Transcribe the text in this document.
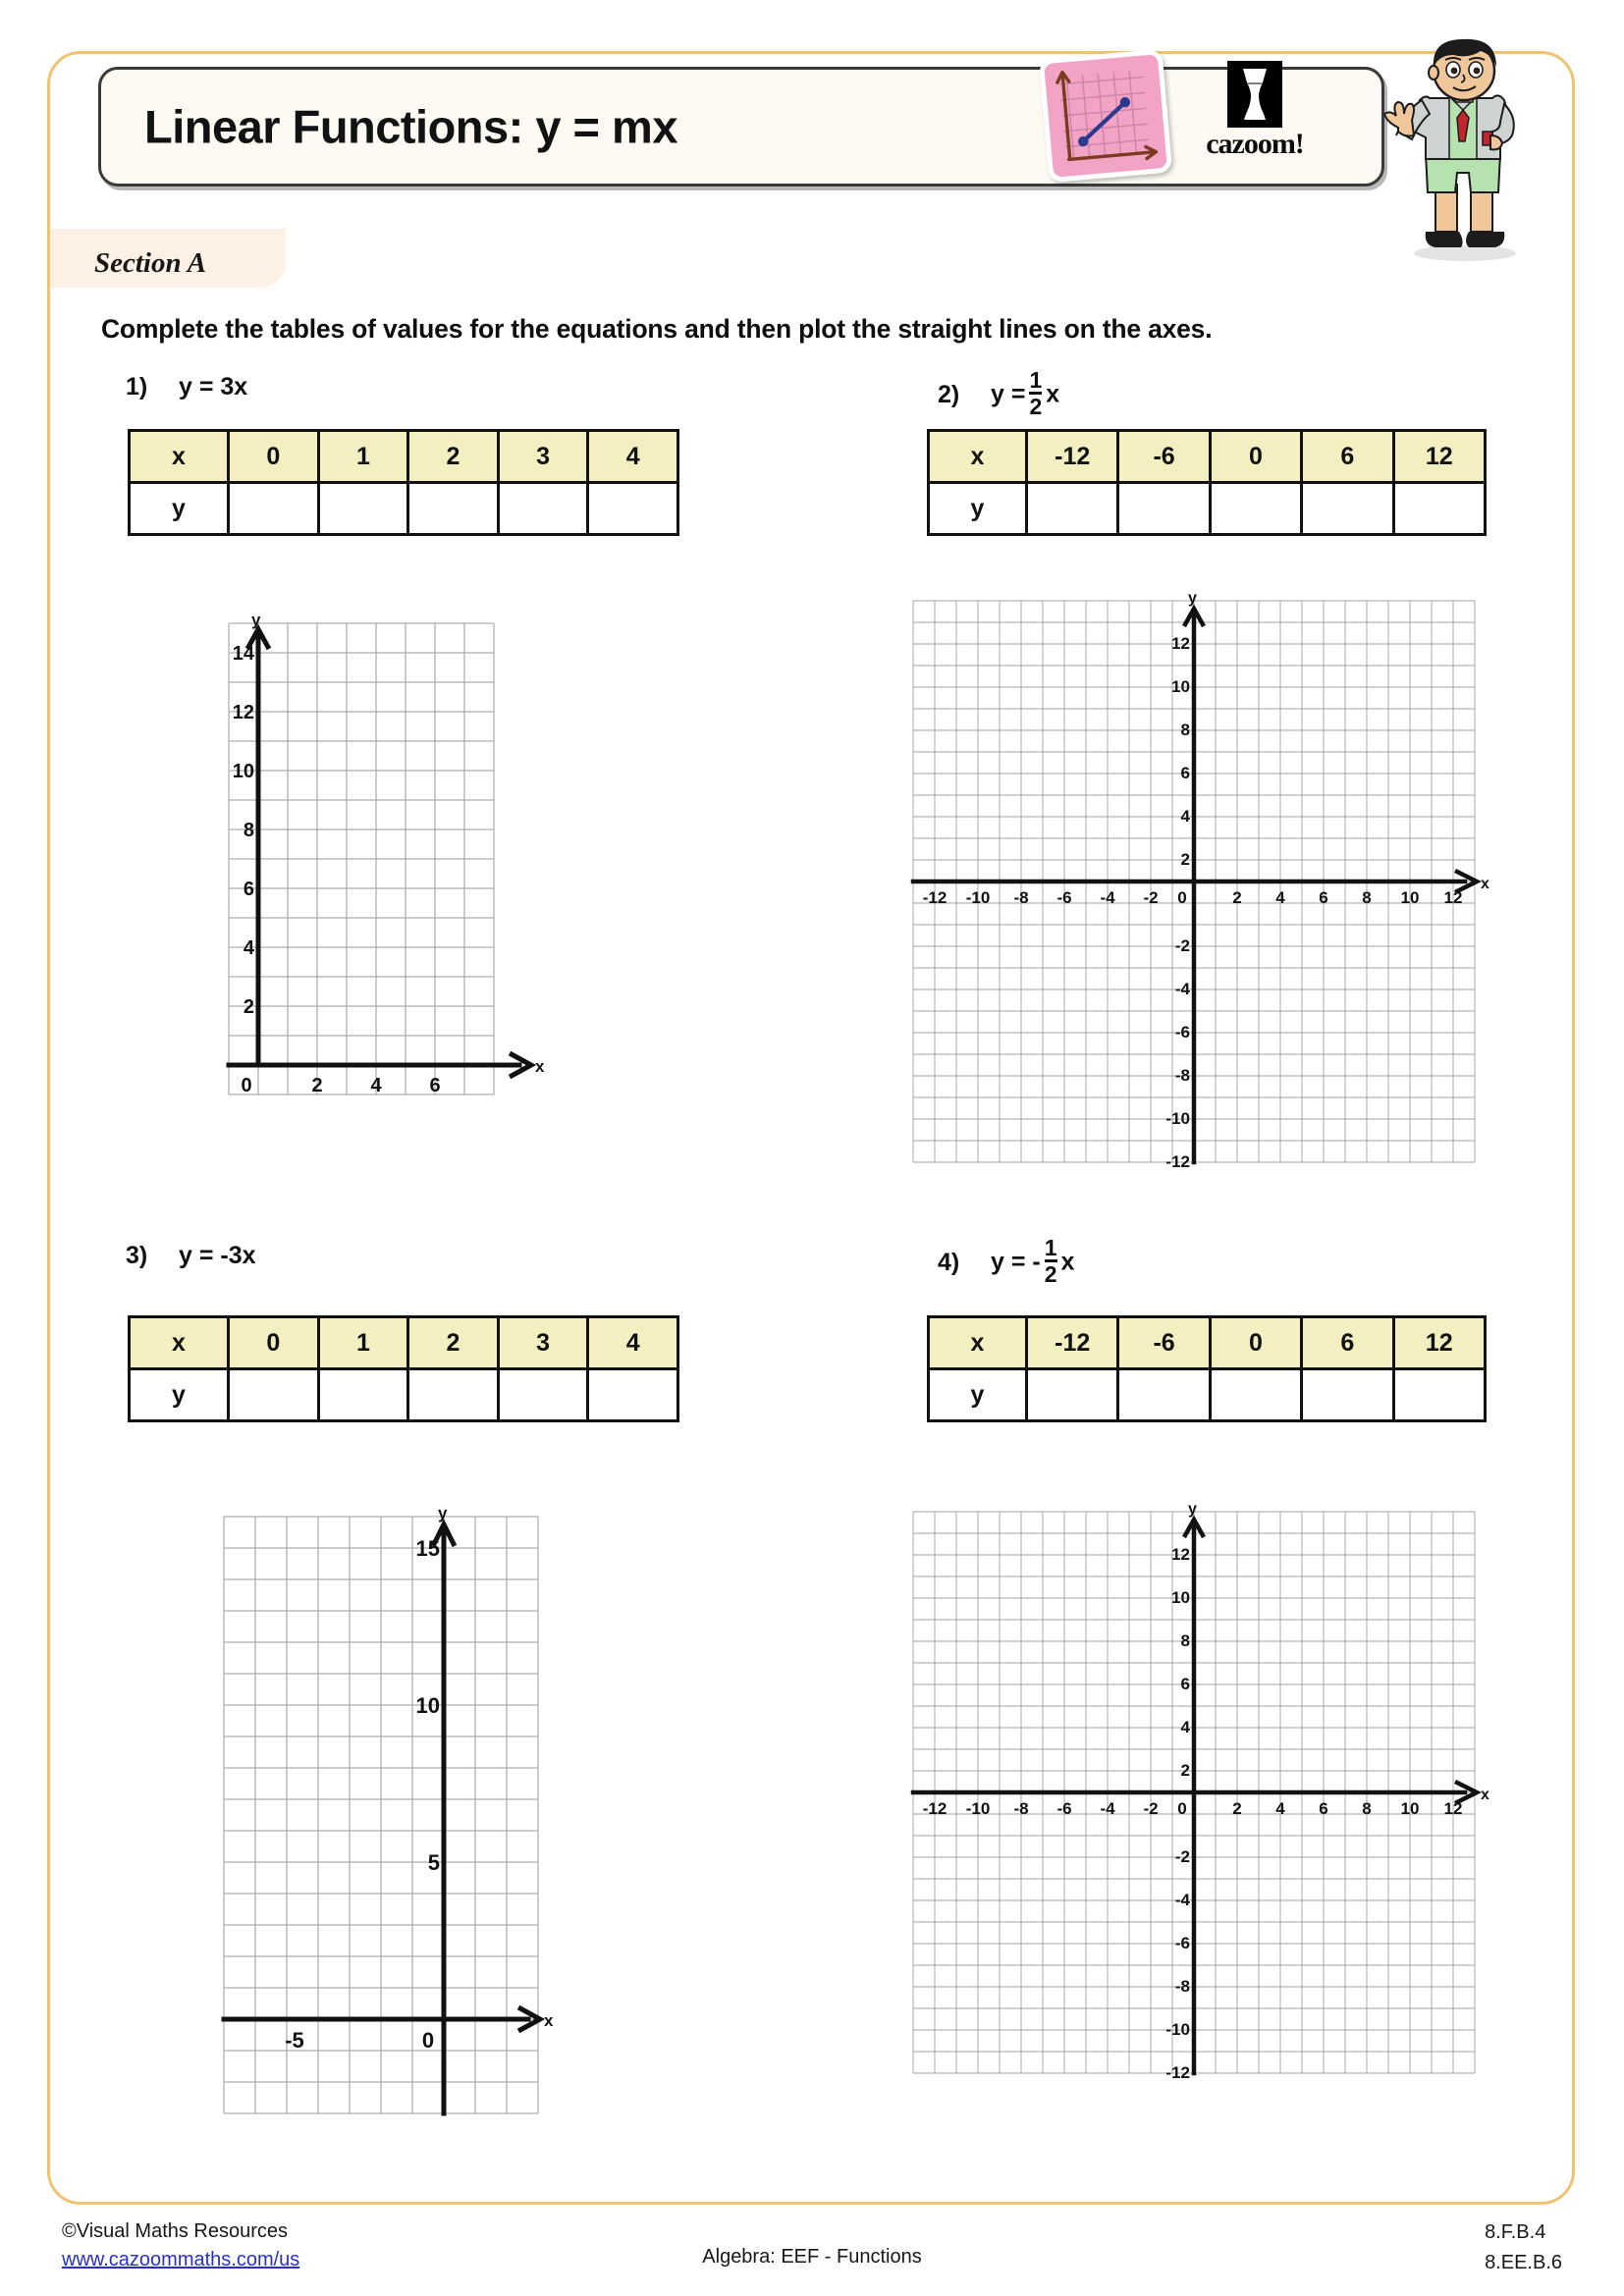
Linear Functions: y = mx	cazoom!
Section A
Complete the tables of values for the equations and then plot the straight lines on the axes.
1) y = 3x
x	0	1	2	3	4
y					
x
y
2
4
6
8
10
12
14
0	2 4 6
2) $y = \frac{1}{2}$ x
x	-12	-6	0	6	12
y					
x
y
12
10
8
6
4
2
-2
-4
-6
-8
-10
-12
-12 -10 -8 -6 -4 -2 0	2 4 6 8 10 12
3) y = -3x
x	0	1	2	3	4
y					
x
y
15
10
5
0
-5
4) y = - $\frac{1}{2}$ x
x	-12	-6	0	6	12
y					
x
y
12
10
8
6
4
2
-2
-4
-6
-8
-10
-12
-12 -10 -8 -6 -4 -2 0	2 4 6 8 10 12
©Visual Maths Resources
www.cazoommaths.com/us	Algebra: EEF - Functions
8.F.B.4
8.EE.B.6
